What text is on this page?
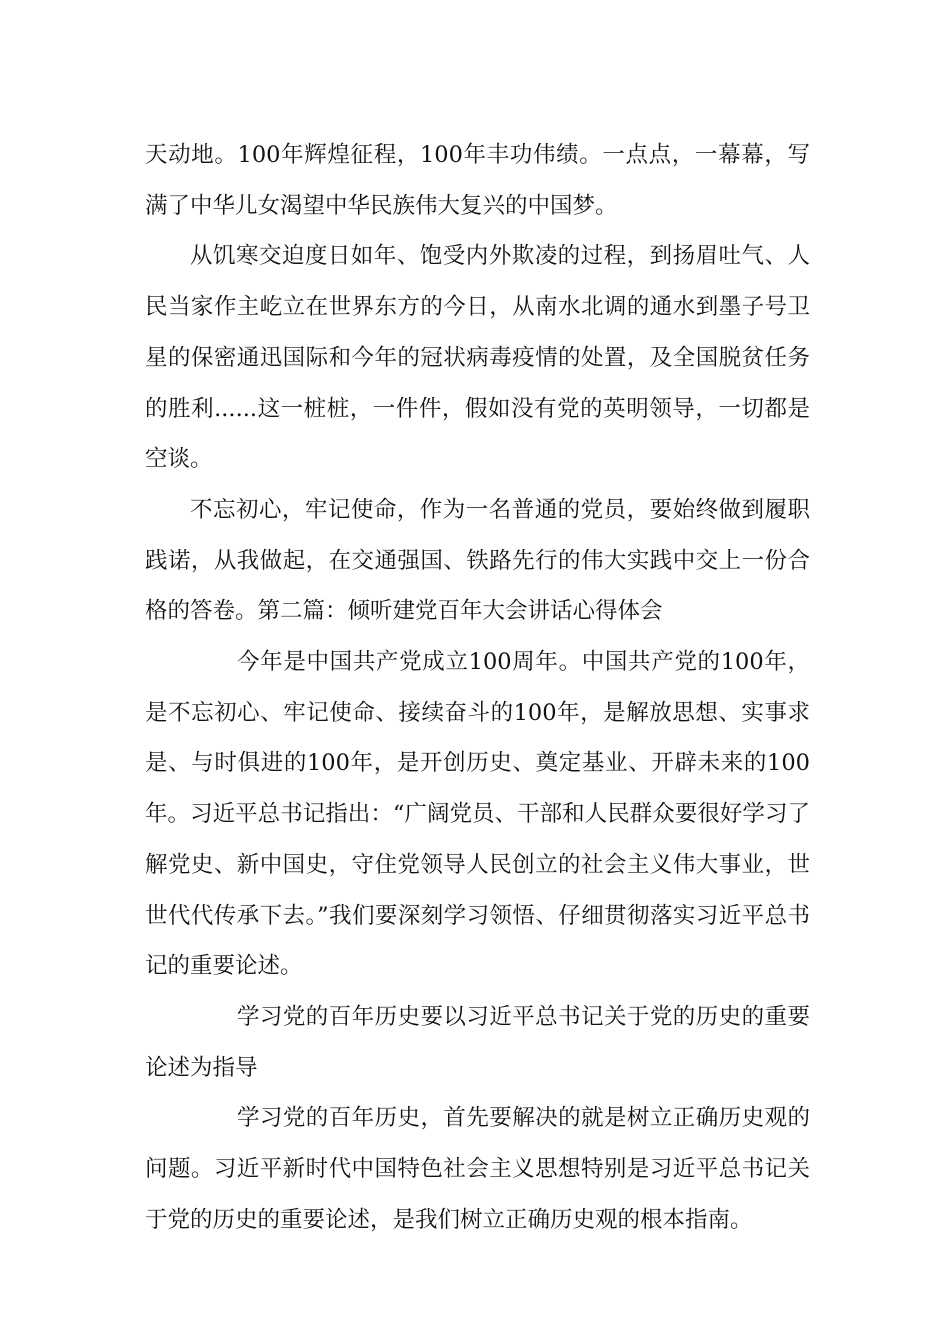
天动地。100年辉煌征程，100年丰功伟绩。一点点，一幕幕，写满了中华儿女渴望中华民族伟大复兴的中国梦。

从饥寒交迫度日如年、饱受内外欺凌的过程，到扬眉吐气、人民当家作主屹立在世界东方的今日，从南水北调的通水到墨子号卫星的保密通迅国际和今年的冠状病毒疫情的处置，及全国脱贫任务的胜利......这一桩桩，一件件，假如没有党的英明领导，一切都是空谈。

不忘初心，牢记使命，作为一名普通的党员，要始终做到履职践诺，从我做起，在交通强国、铁路先行的伟大实践中交上一份合格的答卷。第二篇：倾听建党百年大会讲话心得体会

今年是中国共产党成立100周年。中国共产党的100年，是不忘初心、牢记使命、接续奋斗的100年，是解放思想、实事求是、与时俱进的100年，是开创历史、奠定基业、开辟未来的100年。习近平总书记指出：“广阔党员、干部和人民群众要很好学习了解党史、新中国史，守住党领导人民创立的社会主义伟大事业，世世代代传承下去。”我们要深刻学习领悟、仔细贯彻落实习近平总书记的重要论述。

学习党的百年历史要以习近平总书记关于党的历史的重要论述为指导

学习党的百年历史，首先要解决的就是树立正确历史观的问题。习近平新时代中国特色社会主义思想特别是习近平总书记关于党的历史的重要论述，是我们树立正确历史观的根本指南。
